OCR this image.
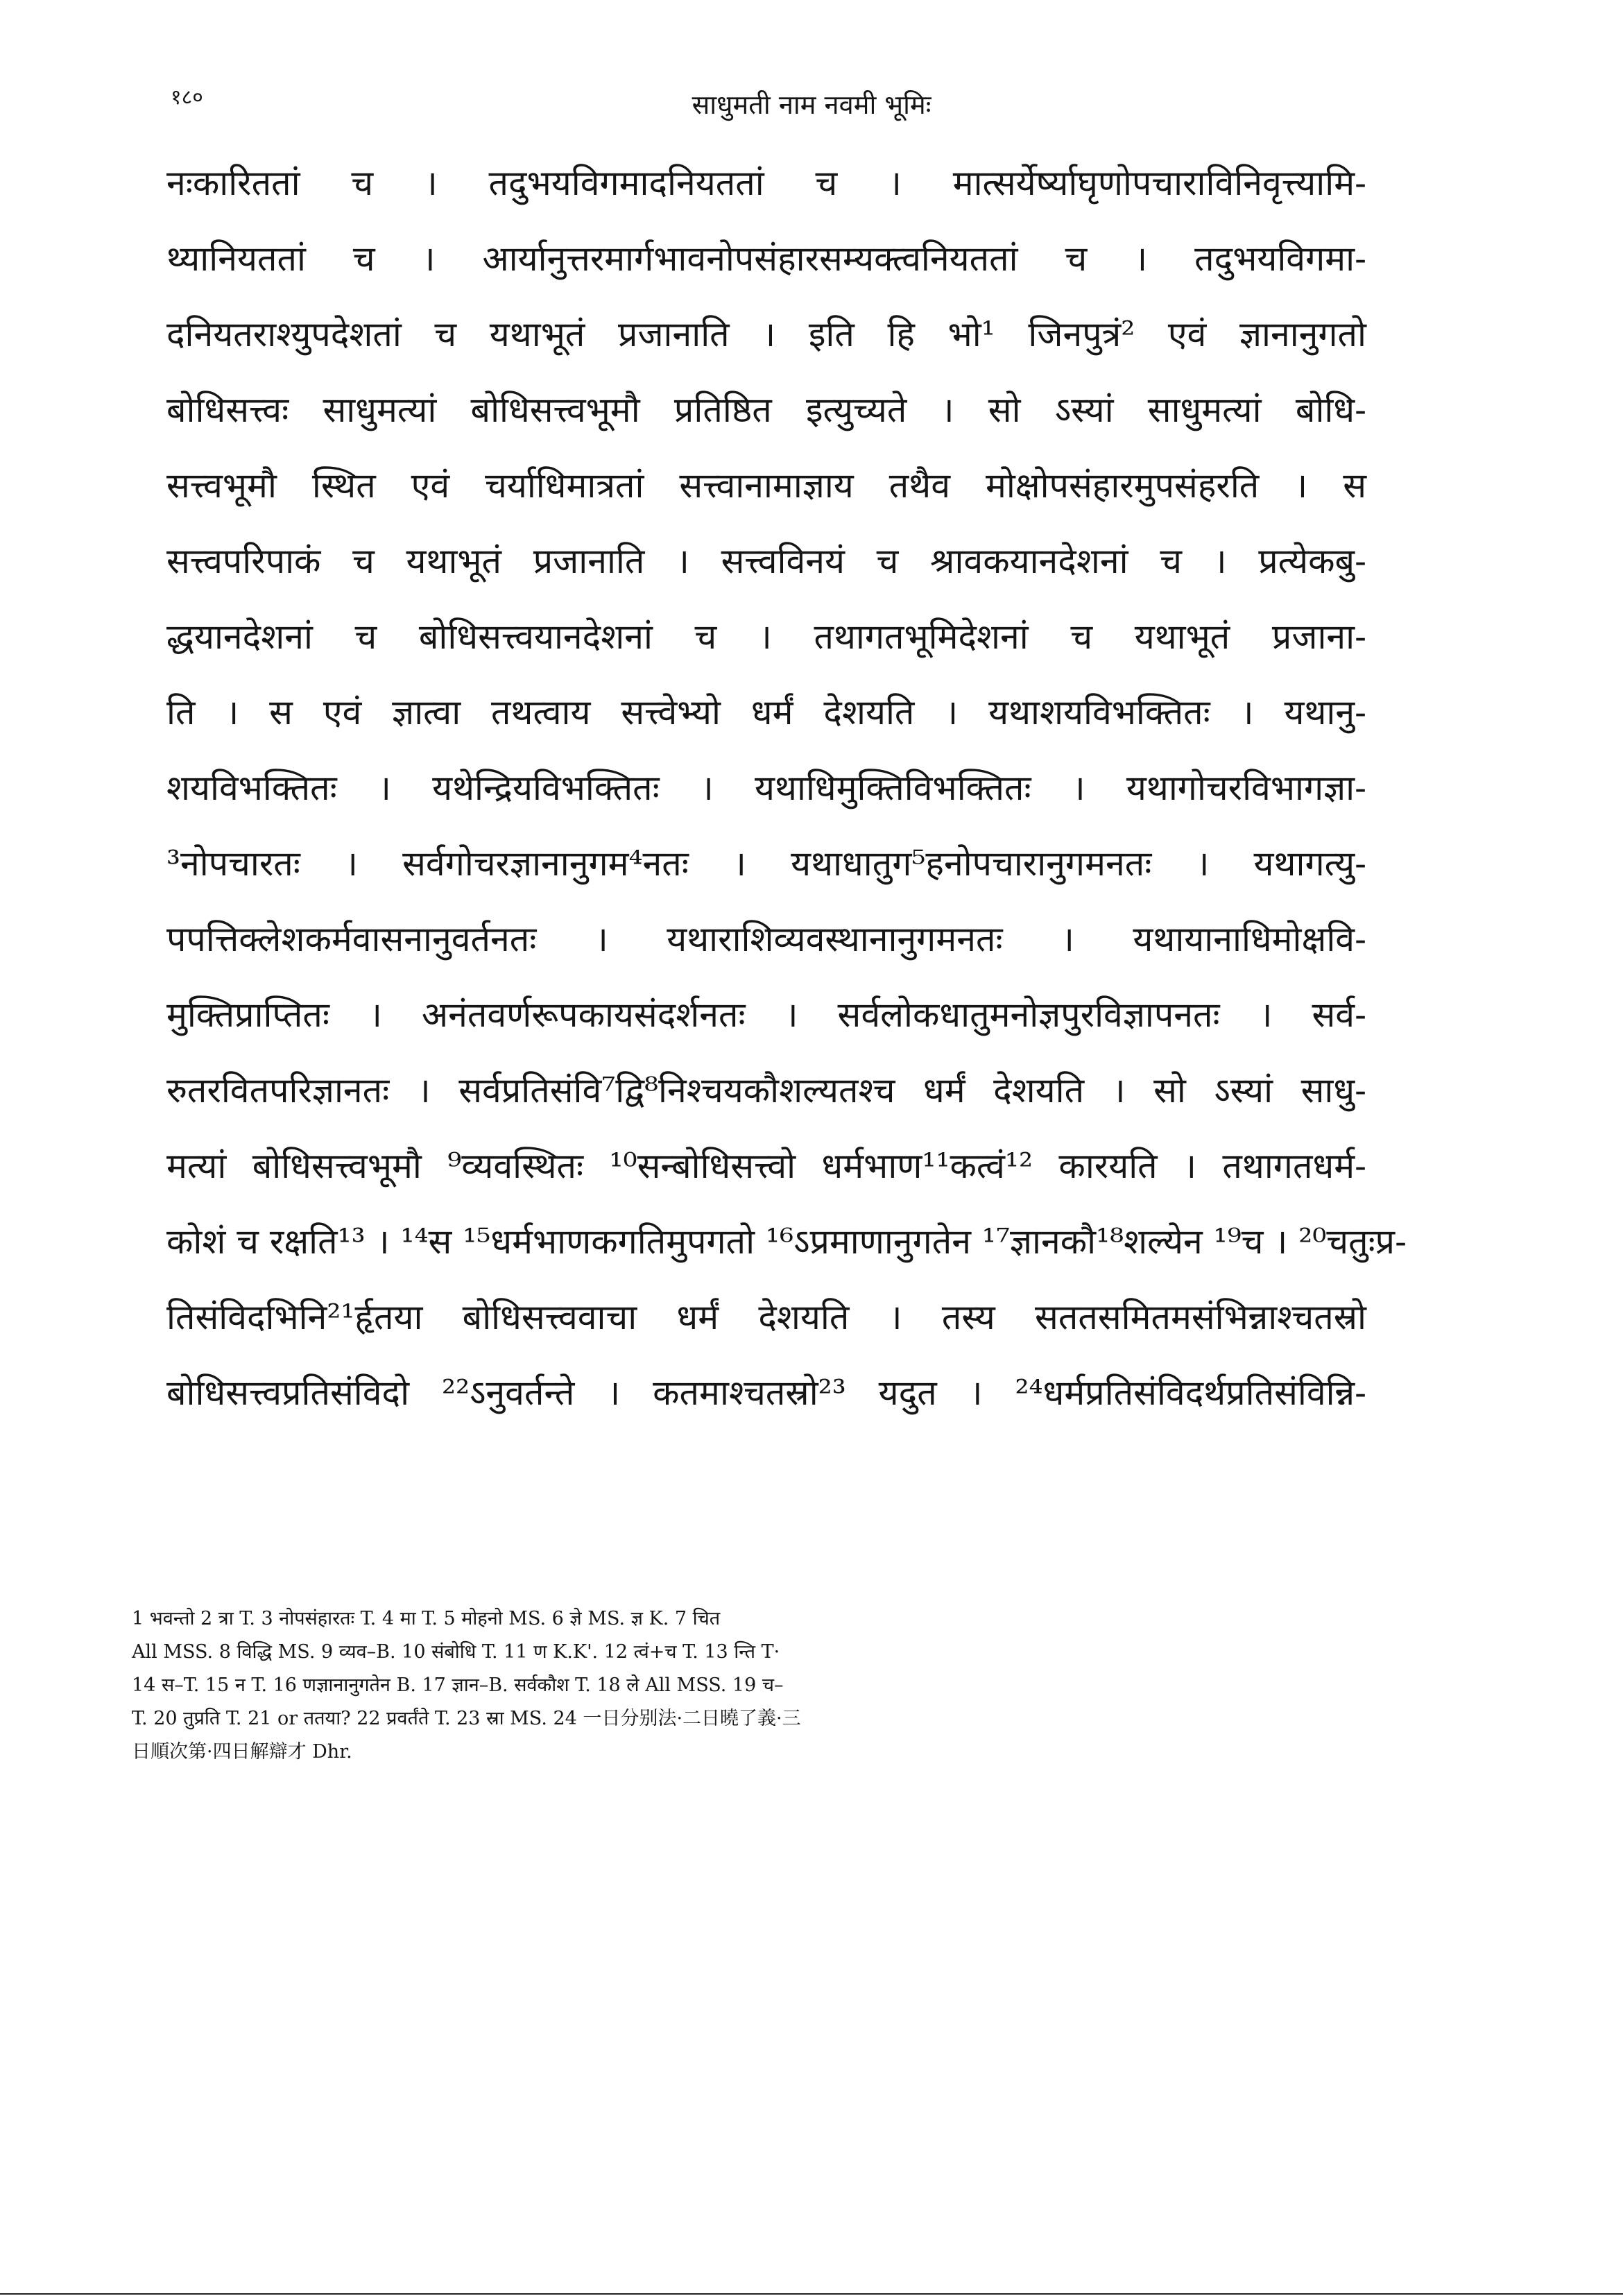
१८०	साधुमती नाम नवमी भूमिः
नःकारिततां च । तदुभयविगमादनियततां च । मात्सर्येर्ष्याघृणोपचाराविनिवृत्त्यामि-
थ्यानियततां च । आर्यानुत्तरमार्गभावनोपसंहारसम्यक्त्वनियततां च । तदुभयविगमा-
दनियतराश्युपदेशतां च यथाभूतं प्रजानाति । इति हि भो¹ जिनपुत्रं² एवं ज्ञानानुगतो
बोधिसत्त्वः साधुमत्यां बोधिसत्त्वभूमौ प्रतिष्ठित इत्युच्यते । सो ऽस्यां साधुमत्यां बोधि-
सत्त्वभूमौ स्थित एवं चर्याधिमात्रतां सत्त्वानामाज्ञाय तथैव मोक्षोपसंहारमुपसंहरति । स
सत्त्वपरिपाकं च यथाभूतं प्रजानाति । सत्त्वविनयं च श्रावकयानदेशनां च । प्रत्येकबु-
द्धयानदेशनां च बोधिसत्त्वयानदेशनां च । तथागतभूमिदेशनां च यथाभूतं प्रजाना-
ति । स एवं ज्ञात्वा तथत्वाय सत्त्वेभ्यो धर्मं देशयति । यथाशयविभक्तितः । यथानु-
शयविभक्तितः । यथेन्द्रियविभक्तितः । यथाधिमुक्तिविभक्तितः । यथागोचरविभागज्ञा-
³नोपचारतः । सर्वगोचरज्ञानानुगम⁴नतः । यथाधातुग⁵हनोपचारानुगमनतः । यथागत्यु-
पपत्तिक्लेशकर्मवासनानुवर्तनतः । यथाराशिव्यवस्थानानुगमनतः । यथायानाधिमोक्षवि-
मुक्तिप्राप्तितः । अनंतवर्णरूपकायसंदर्शनतः । सर्वलोकधातुमनोज्ञपुरविज्ञापनतः । सर्व-
रुतरवितपरिज्ञानतः । सर्वप्रतिसंवि⁷द्वि⁸निश्चयकौशल्यतश्च धर्मं देशयति । सो ऽस्यां साधु-
मत्यां बोधिसत्त्वभूमौ ⁹व्यवस्थितः ¹⁰सन्बोधिसत्त्वो धर्मभाण¹¹कत्वं¹² कारयति । तथागतधर्म-
कोशं च रक्षति¹³ । ¹⁴स ¹⁵धर्मभाणकगतिमुपगतो ¹⁶ऽप्रमाणानुगतेन ¹⁷ज्ञानकौ¹⁸शल्येन ¹⁹च । ²⁰चतुःप्र-
तिसंविदभिनि²¹र्हृतया बोधिसत्त्ववाचा धर्मं देशयति । तस्य सततसमितमसंभिन्नाश्चतस्रो
बोधिसत्त्वप्रतिसंविदो ²²ऽनुवर्तन्ते । कतमाश्चतस्रो²³ यदुत । ²⁴धर्मप्रतिसंविदर्थप्रतिसंविन्नि-
1 भवन्तो 2 त्रा T. 3 नोपसंहारतः T. 4 मा T. 5 मोहनो MS. 6 ज्ञे MS. ज्ञ K. 7 चित
All MSS. 8 विद्धि MS. 9 व्यव–B. 10 संबोधि T. 11 ण K.K'. 12 त्वं+च T. 13 न्ति T·
14 स–T. 15 न T. 16 णज्ञानानुगतेन B. 17 ज्ञान–B. सर्वकौश T. 18 ले All MSS. 19 च–
T. 20 तुप्रति T. 21 or ततया? 22 प्रवर्तंते T. 23 स्रा MS. 24 一日分别法·二日曉了義·三
日順次第·四日解辯才 Dhr.
